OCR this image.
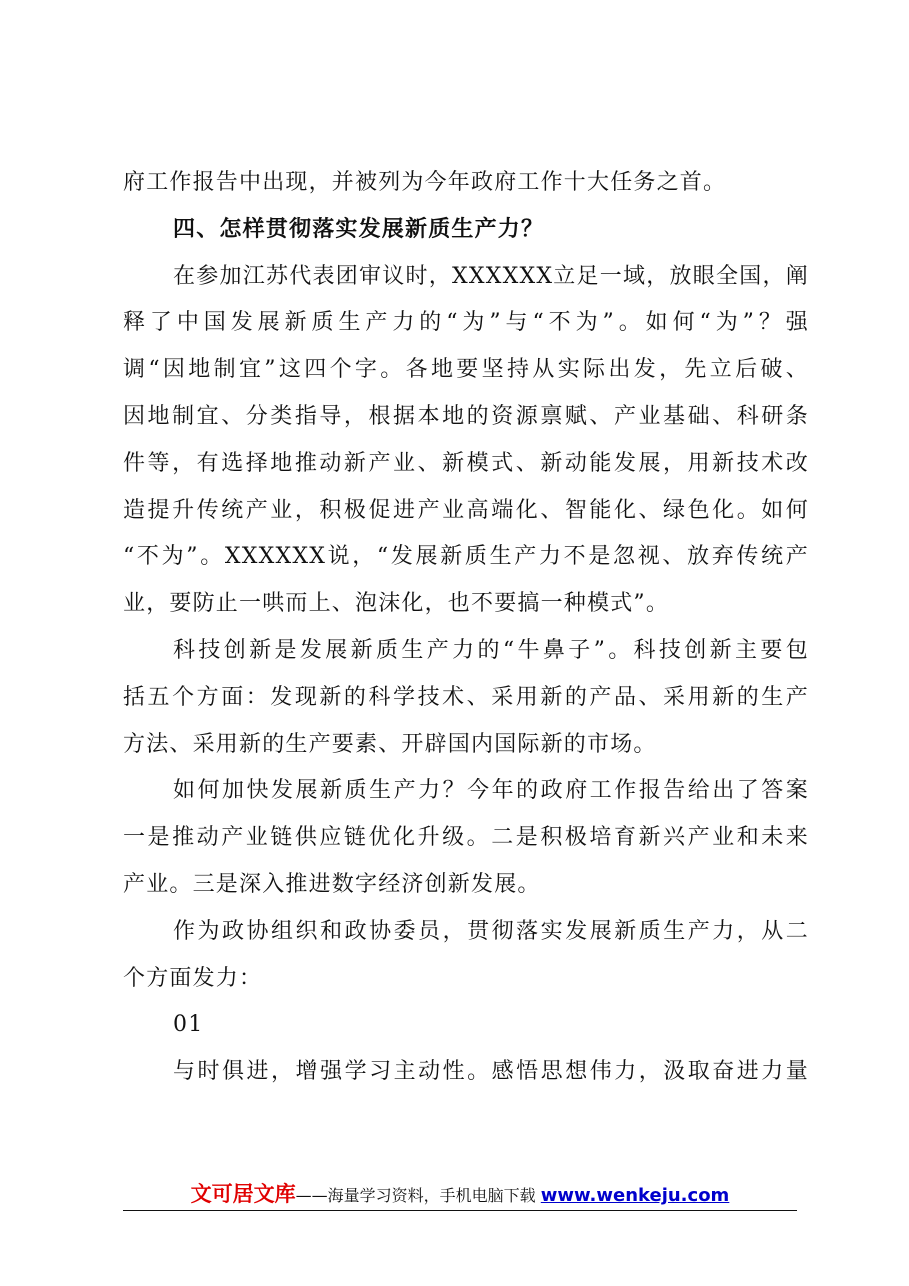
府工作报告中出现，并被列为今年政府工作十大任务之首。
四、怎样贯彻落实发展新质生产力？
在参加江苏代表团审议时，XXXXXX立足一域，放眼全国，阐
释了中国发展新质生产力的“为”与“不为”。如何“为”？强
调“因地制宜”这四个字。各地要坚持从实际出发，先立后破、
因地制宜、分类指导，根据本地的资源禀赋、产业基础、科研条
件等，有选择地推动新产业、新模式、新动能发展，用新技术改
造提升传统产业，积极促进产业高端化、智能化、绿色化。如何
“不为”。XXXXXX说，“发展新质生产力不是忽视、放弃传统产
业，要防止一哄而上、泡沫化，也不要搞一种模式”。
科技创新是发展新质生产力的“牛鼻子”。科技创新主要包
括五个方面：发现新的科学技术、采用新的产品、采用新的生产
方法、采用新的生产要素、开辟国内国际新的市场。
如何加快发展新质生产力？今年的政府工作报告给出了答案
一是推动产业链供应链优化升级。二是积极培育新兴产业和未来
产业。三是深入推进数字经济创新发展。
作为政协组织和政协委员，贯彻落实发展新质生产力，从二
个方面发力：
01
与时俱进，增强学习主动性。感悟思想伟力，汲取奋进力量
文可居文库——海量学习资料，手机电脑下载 www.wenkeju.com
